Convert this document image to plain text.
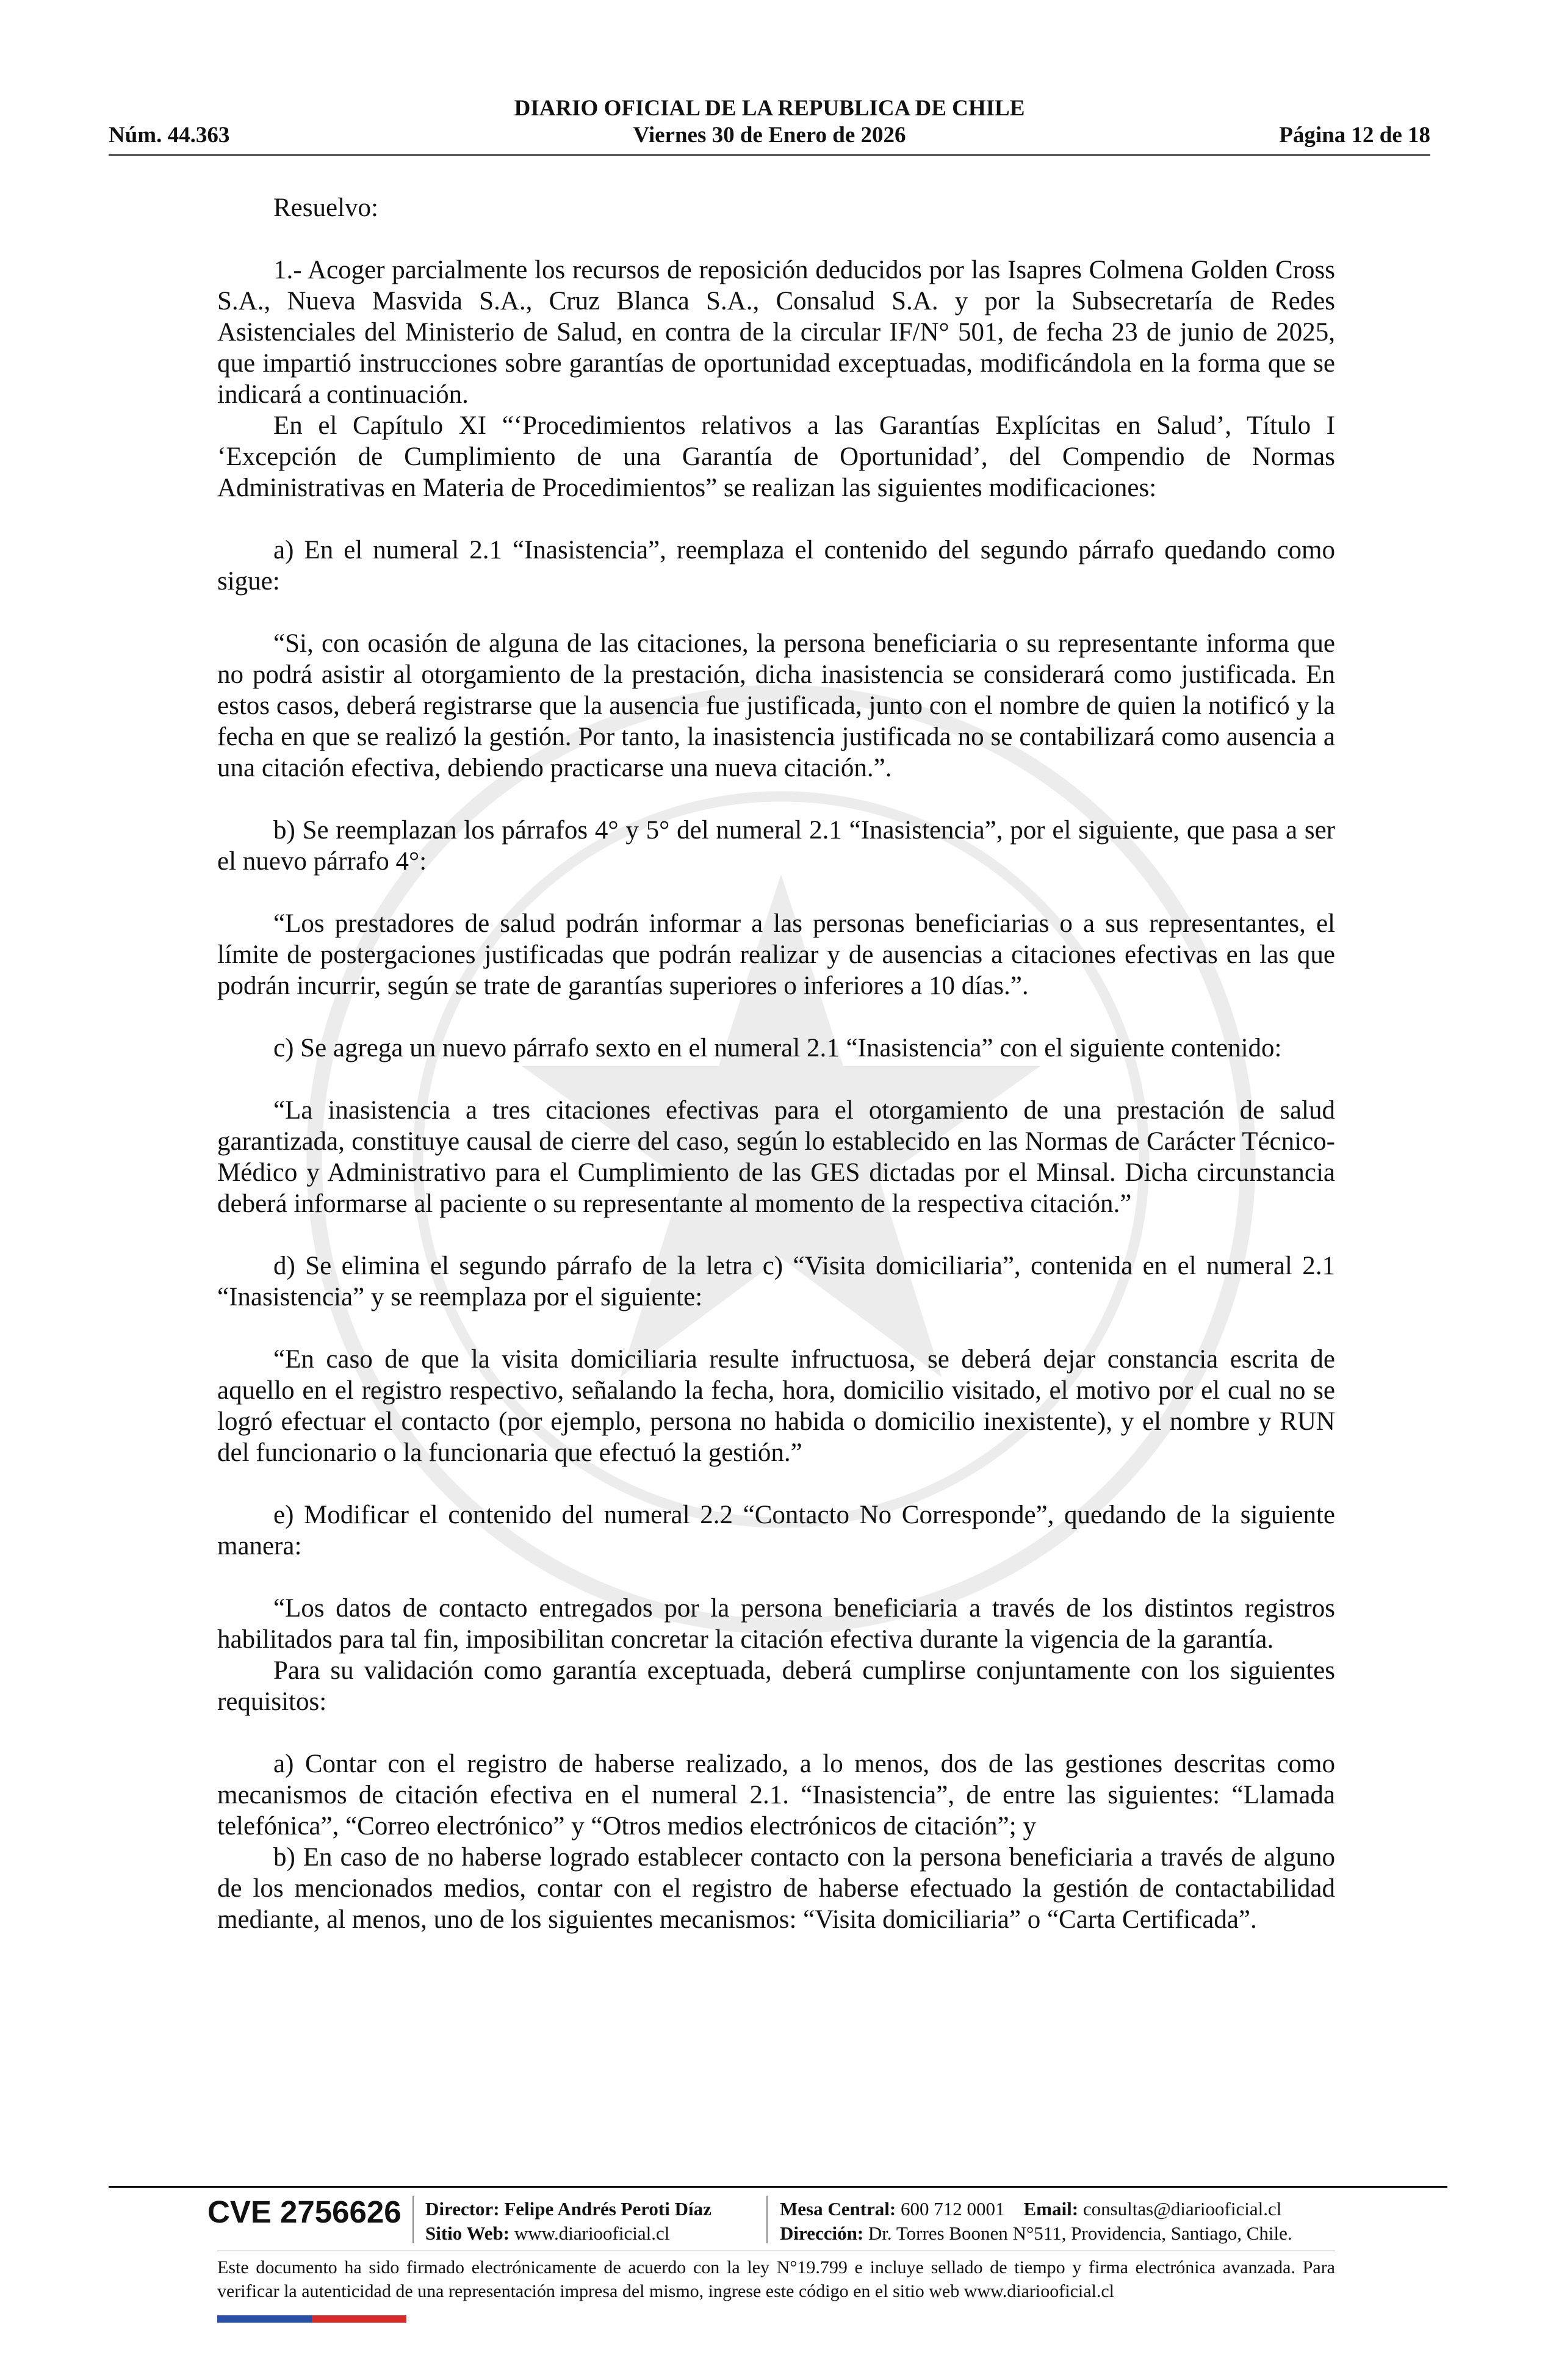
DIARIO OFICIAL DE LA REPUBLICA DE CHILE
Viernes 30 de Enero de 2026
Núm. 44.363	Página 12 de 18

Resuelvo:

1.- Acoger parcialmente los recursos de reposición deducidos por las Isapres Colmena Golden Cross S.A., Nueva Masvida S.A., Cruz Blanca S.A., Consalud S.A. y por la Subsecretaría de Redes Asistenciales del Ministerio de Salud, en contra de la circular IF/N° 501, de fecha 23 de junio de 2025, que impartió instrucciones sobre garantías de oportunidad exceptuadas, modificándola en la forma que se indicará a continuación.

En el Capítulo XI “‘Procedimientos relativos a las Garantías Explícitas en Salud’, Título I ‘Excepción de Cumplimiento de una Garantía de Oportunidad’, del Compendio de Normas Administrativas en Materia de Procedimientos” se realizan las siguientes modificaciones:

a) En el numeral 2.1 “Inasistencia”, reemplaza el contenido del segundo párrafo quedando como sigue:

“Si, con ocasión de alguna de las citaciones, la persona beneficiaria o su representante informa que no podrá asistir al otorgamiento de la prestación, dicha inasistencia se considerará como justificada. En estos casos, deberá registrarse que la ausencia fue justificada, junto con el nombre de quien la notificó y la fecha en que se realizó la gestión. Por tanto, la inasistencia justificada no se contabilizará como ausencia a una citación efectiva, debiendo practicarse una nueva citación.”.

b) Se reemplazan los párrafos 4° y 5° del numeral 2.1 “Inasistencia”, por el siguiente, que pasa a ser el nuevo párrafo 4°:

“Los prestadores de salud podrán informar a las personas beneficiarias o a sus representantes, el límite de postergaciones justificadas que podrán realizar y de ausencias a citaciones efectivas en las que podrán incurrir, según se trate de garantías superiores o inferiores a 10 días.”.

c) Se agrega un nuevo párrafo sexto en el numeral 2.1 “Inasistencia” con el siguiente contenido:

“La inasistencia a tres citaciones efectivas para el otorgamiento de una prestación de salud garantizada, constituye causal de cierre del caso, según lo establecido en las Normas de Carácter Técnico-Médico y Administrativo para el Cumplimiento de las GES dictadas por el Minsal. Dicha circunstancia deberá informarse al paciente o su representante al momento de la respectiva citación.”

d) Se elimina el segundo párrafo de la letra c) “Visita domiciliaria”, contenida en el numeral 2.1 “Inasistencia” y se reemplaza por el siguiente:

“En caso de que la visita domiciliaria resulte infructuosa, se deberá dejar constancia escrita de aquello en el registro respectivo, señalando la fecha, hora, domicilio visitado, el motivo por el cual no se logró efectuar el contacto (por ejemplo, persona no habida o domicilio inexistente), y el nombre y RUN del funcionario o la funcionaria que efectuó la gestión.”

e) Modificar el contenido del numeral 2.2 “Contacto No Corresponde”, quedando de la siguiente manera:

“Los datos de contacto entregados por la persona beneficiaria a través de los distintos registros habilitados para tal fin, imposibilitan concretar la citación efectiva durante la vigencia de la garantía.

Para su validación como garantía exceptuada, deberá cumplirse conjuntamente con los siguientes requisitos:

a) Contar con el registro de haberse realizado, a lo menos, dos de las gestiones descritas como mecanismos de citación efectiva en el numeral 2.1. “Inasistencia”, de entre las siguientes: “Llamada telefónica”, “Correo electrónico” y “Otros medios electrónicos de citación”; y

b) En caso de no haberse logrado establecer contacto con la persona beneficiaria a través de alguno de los mencionados medios, contar con el registro de haberse efectuado la gestión de contactabilidad mediante, al menos, uno de los siguientes mecanismos: “Visita domiciliaria” o “Carta Certificada”.

CVE 2756626 Director: Felipe Andrés Peroti Díaz
Sitio Web: www.diariooficial.cl
Mesa Central: 600 712 0001 Email: consultas@diariooficial.cl
Dirección: Dr. Torres Boonen N°511, Providencia, Santiago, Chile.
Este documento ha sido firmado electrónicamente de acuerdo con la ley N°19.799 e incluye sellado de tiempo y firma electrónica avanzada. Para verificar la autenticidad de una representación impresa del mismo, ingrese este código en el sitio web www.diariooficial.cl
